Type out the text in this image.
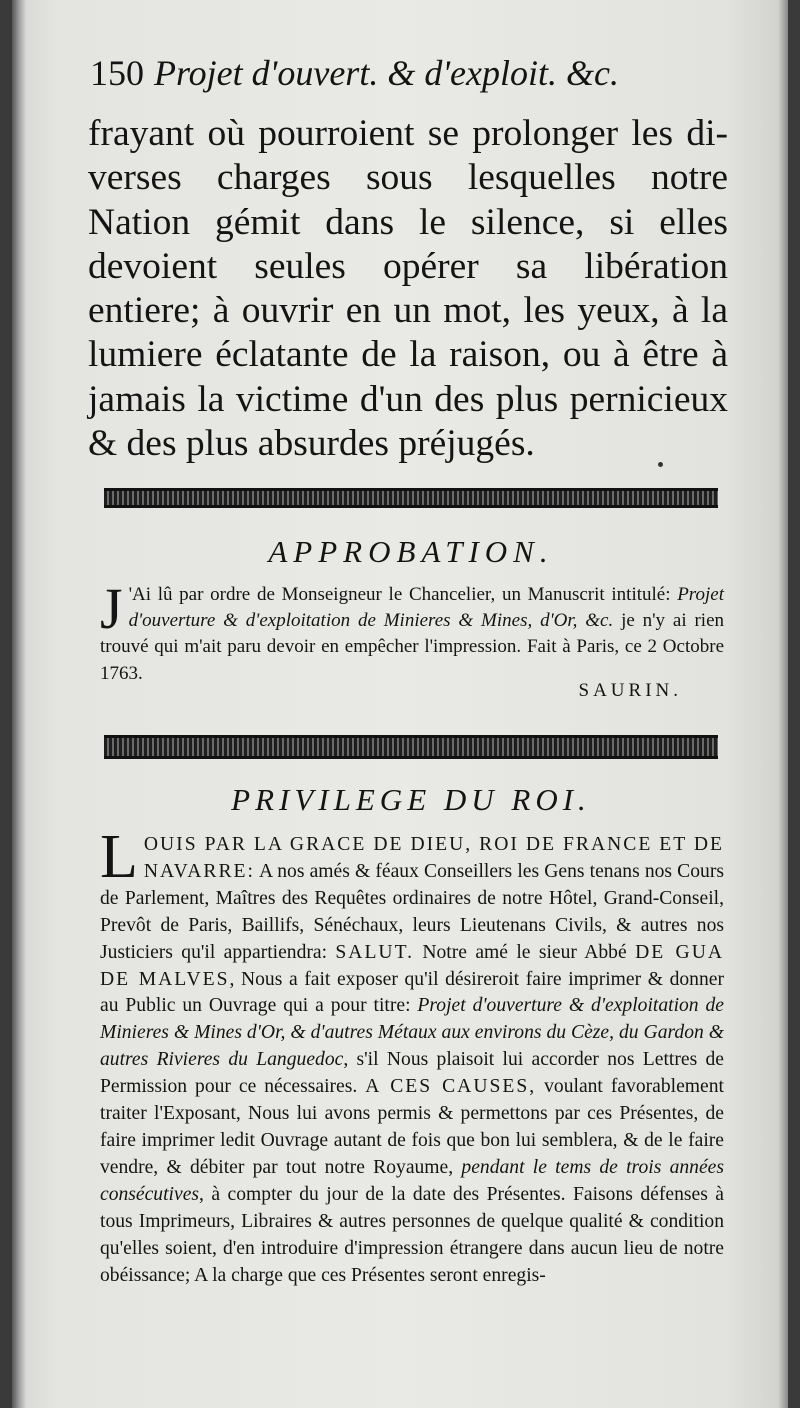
150 Projet d'ouvert. & d'exploit. &c.
frayant où pourroient se prolonger les diverses charges sous lesquelles notre Nation gémit dans le silence, si elles devoient seules opérer sa libération entiere; à ouvrir en un mot, les yeux, à la lumiere éclatante de la raison, ou à être à jamais la victime d'un des plus pernicieux & des plus absurdes préjugés.
APPROBATION.
J 'Ai lû par ordre de Monseigneur le Chancelier, un Manuscrit intitulé: Projet d'ouverture & d'exploitation de Minieres & Mines, d'Or, &c. je n'y ai rien trouvé qui m'ait paru devoir en empêcher l'impression. Fait à Paris, ce 2 Octobre 1763.
SAURIN.
PRIVILEGE DU ROI.
LOUIS PAR LA GRACE DE DIEU, ROI DE FRANCE ET DE NAVARRE: A nos amés & féaux Conseillers les Gens tenans nos Cours de Parlement, Maîtres des Requêtes ordinaires de notre Hôtel, Grand-Conseil, Prevôt de Paris, Baillifs, Sénéchaux, leurs Lieutenans Civils, & autres nos Justiciers qu'il appartiendra: SALUT. Notre amé le sieur Abbé DE GUA DE MALVES, Nous a fait exposer qu'il désireroit faire imprimer & donner au Public un Ouvrage qui a pour titre: Projet d'ouverture & d'exploitation de Minieres & Mines d'Or, & d'autres Métaux aux environs du Cèze, du Gardon & autres Rivieres du Languedoc, s'il Nous plaisoit lui accorder nos Lettres de Permission pour ce nécessaires. A CES CAUSES, voulant favorablement traiter l'Exposant, Nous lui avons permis & permettons par ces Présentes, de faire imprimer ledit Ouvrage autant de fois que bon lui semblera, & de le faire vendre, & débiter par tout notre Royaume, pendant le tems de trois années consécutives, à compter du jour de la date des Présentes. Faisons défenses à tous Imprimeurs, Libraires & autres personnes de quelque qualité & condition qu'elles soient, d'en introduire d'impression étrangere dans aucun lieu de notre obéissance; A la charge que ces Présentes seront enregis-
